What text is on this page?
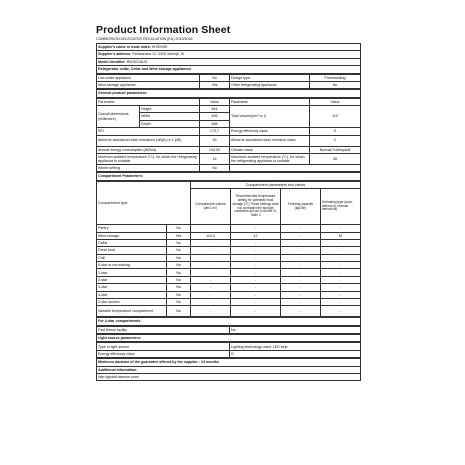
Product Information Sheet
COMMISSION DELEGATED REGULATION (EU) 2019/2016
Supplier's name or trade mark: HISENSE
Supplier's address: Partizanska 12, 3320 Velenje, SI
Model identifier: RW3CDAUD
Refrigerator cellar, Cellar and Wine storage appliances
Low-noise appliance:	No	Design type:	Freestanding
Wine storage appliance:	Yes	Other refrigerating appliance:	No
General product parameters:
Parameter		Value	Parameter	Value
Overall dimensions (millimetre)	Height	844	Total volume(dm³ or l)	110
	Width	496		
	Depth	488		
EEI		173,7	Energy efficiency class	G
Airborne acoustical noise emissions (dB(A) re 1 pW)		39	Airborne acoustical noise emission class	C
Annual energy consumption (kWh/a)		144,00	Climate class:	Normal,Subtropical
Minimum ambient temperature (°C), for which the refrigerating appliance is suitable		16	Maximum ambient temperature (°C), for which the refrigerating appliance is suitable	38
Winter setting		No		
Compartment Parameters:
Compartment type		Compartment parameters and values			
		Compartment volume (dm3 or l)	Recommended temperature setting for optimised food storage (ºC) These settings shall not contradict the storage conditions set out in Annex IV, Table 3	Freezing capacity (kg/24h)	Defrosting type (auto-defrost=A, manual defrost=M)
Pantry	No	-	-	-	-
Wine storage	Yes	110,0	12	-	M
Cellar	No	-	-	-	-
Fresh food	No	-	-	-	-
Chill	No	-	-	-	-
0-star or ice-making	No	-	-	-	-
1-star	No	-	-	-	-
2-star	No	-	-	-	-
3-star	No	-	-	-	-
4-star	No	-	-	-	-
2-star section	No	-	-	-	-
Variable temperature compartment	No	-	-	-	-
For 4-star compartments
Fast freeze facility	No
Light source parameters:
Type of light source	Lighting technology used: LED strip
Energy efficiency class	G
Minimum duration of the guarantee offered by the supplier : 24 months
Additional information:
http://global.hisense.com/
